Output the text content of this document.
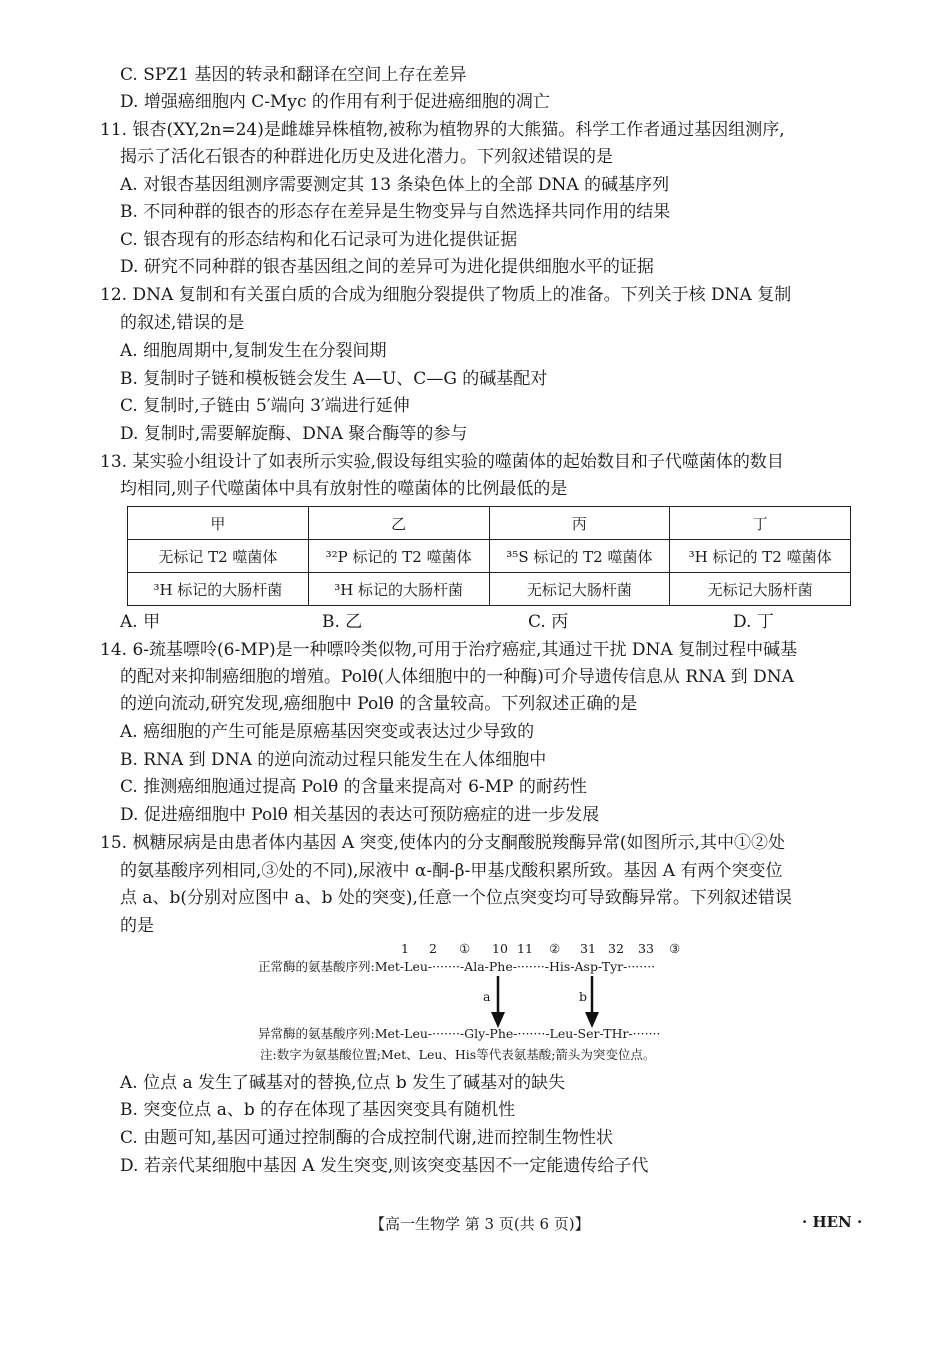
C. SPZ1 基因的转录和翻译在空间上存在差异
D. 增强癌细胞内 C-Myc 的作用有利于促进癌细胞的凋亡
11. 银杏(XY,2n=24)是雌雄异株植物,被称为植物界的大熊猫。科学工作者通过基因组测序,
揭示了活化石银杏的种群进化历史及进化潜力。下列叙述错误的是
A. 对银杏基因组测序需要测定其 13 条染色体上的全部 DNA 的碱基序列
B. 不同种群的银杏的形态存在差异是生物变异与自然选择共同作用的结果
C. 银杏现有的形态结构和化石记录可为进化提供证据
D. 研究不同种群的银杏基因组之间的差异可为进化提供细胞水平的证据
12. DNA 复制和有关蛋白质的合成为细胞分裂提供了物质上的准备。下列关于核 DNA 复制
的叙述,错误的是
A. 细胞周期中,复制发生在分裂间期
B. 复制时子链和模板链会发生 A—U、C—G 的碱基配对
C. 复制时,子链由 5′端向 3′端进行延伸
D. 复制时,需要解旋酶、DNA 聚合酶等的参与
13. 某实验小组设计了如表所示实验,假设每组实验的噬菌体的起始数目和子代噬菌体的数目
均相同,则子代噬菌体中具有放射性的噬菌体的比例最低的是
甲	乙	丙	丁
无标记 T2 噬菌体	³²P 标记的 T2 噬菌体	³⁵S 标记的 T2 噬菌体	³H 标记的 T2 噬菌体
³H 标记的大肠杆菌	³H 标记的大肠杆菌	无标记大肠杆菌	无标记大肠杆菌
A. 甲	B. 乙	C. 丙	D. 丁
14. 6-巯基嘌呤(6-MP)是一种嘌呤类似物,可用于治疗癌症,其通过干扰 DNA 复制过程中碱基
的配对来抑制癌细胞的增殖。Polθ(人体细胞中的一种酶)可介导遗传信息从 RNA 到 DNA
的逆向流动,研究发现,癌细胞中 Polθ 的含量较高。下列叙述正确的是
A. 癌细胞的产生可能是原癌基因突变或表达过少导致的
B. RNA 到 DNA 的逆向流动过程只能发生在人体细胞中
C. 推测癌细胞通过提高 Polθ 的含量来提高对 6-MP 的耐药性
D. 促进癌细胞中 Polθ 相关基因的表达可预防癌症的进一步发展
15. 枫糖尿病是由患者体内基因 A 突变,使体内的分支酮酸脱羧酶异常(如图所示,其中①②处
的氨基酸序列相同,③处的不同),尿液中 α-酮-β-甲基戊酸积累所致。基因 A 有两个突变位
点 a、b(分别对应图中 a、b 处的突变),任意一个位点突变均可导致酶异常。下列叙述错误
的是
1 2 ① 10 11 ② 31 32 33 ③
正常酶的氨基酸序列:Met-Leu-·······-Ala-Phe-·······-His-Asp-Tyr-·······
a	b
异常酶的氨基酸序列:Met-Leu-·······-Gly-Phe-·······-Leu-Ser-THr-·······
注:数字为氨基酸位置;Met、Leu、His等代表氨基酸;箭头为突变位点。
A. 位点 a 发生了碱基对的替换,位点 b 发生了碱基对的缺失
B. 突变位点 a、b 的存在体现了基因突变具有随机性
C. 由题可知,基因可通过控制酶的合成控制代谢,进而控制生物性状
D. 若亲代某细胞中基因 A 发生突变,则该突变基因不一定能遗传给子代
【高一生物学 第 3 页(共 6 页)】	· HEN ·
